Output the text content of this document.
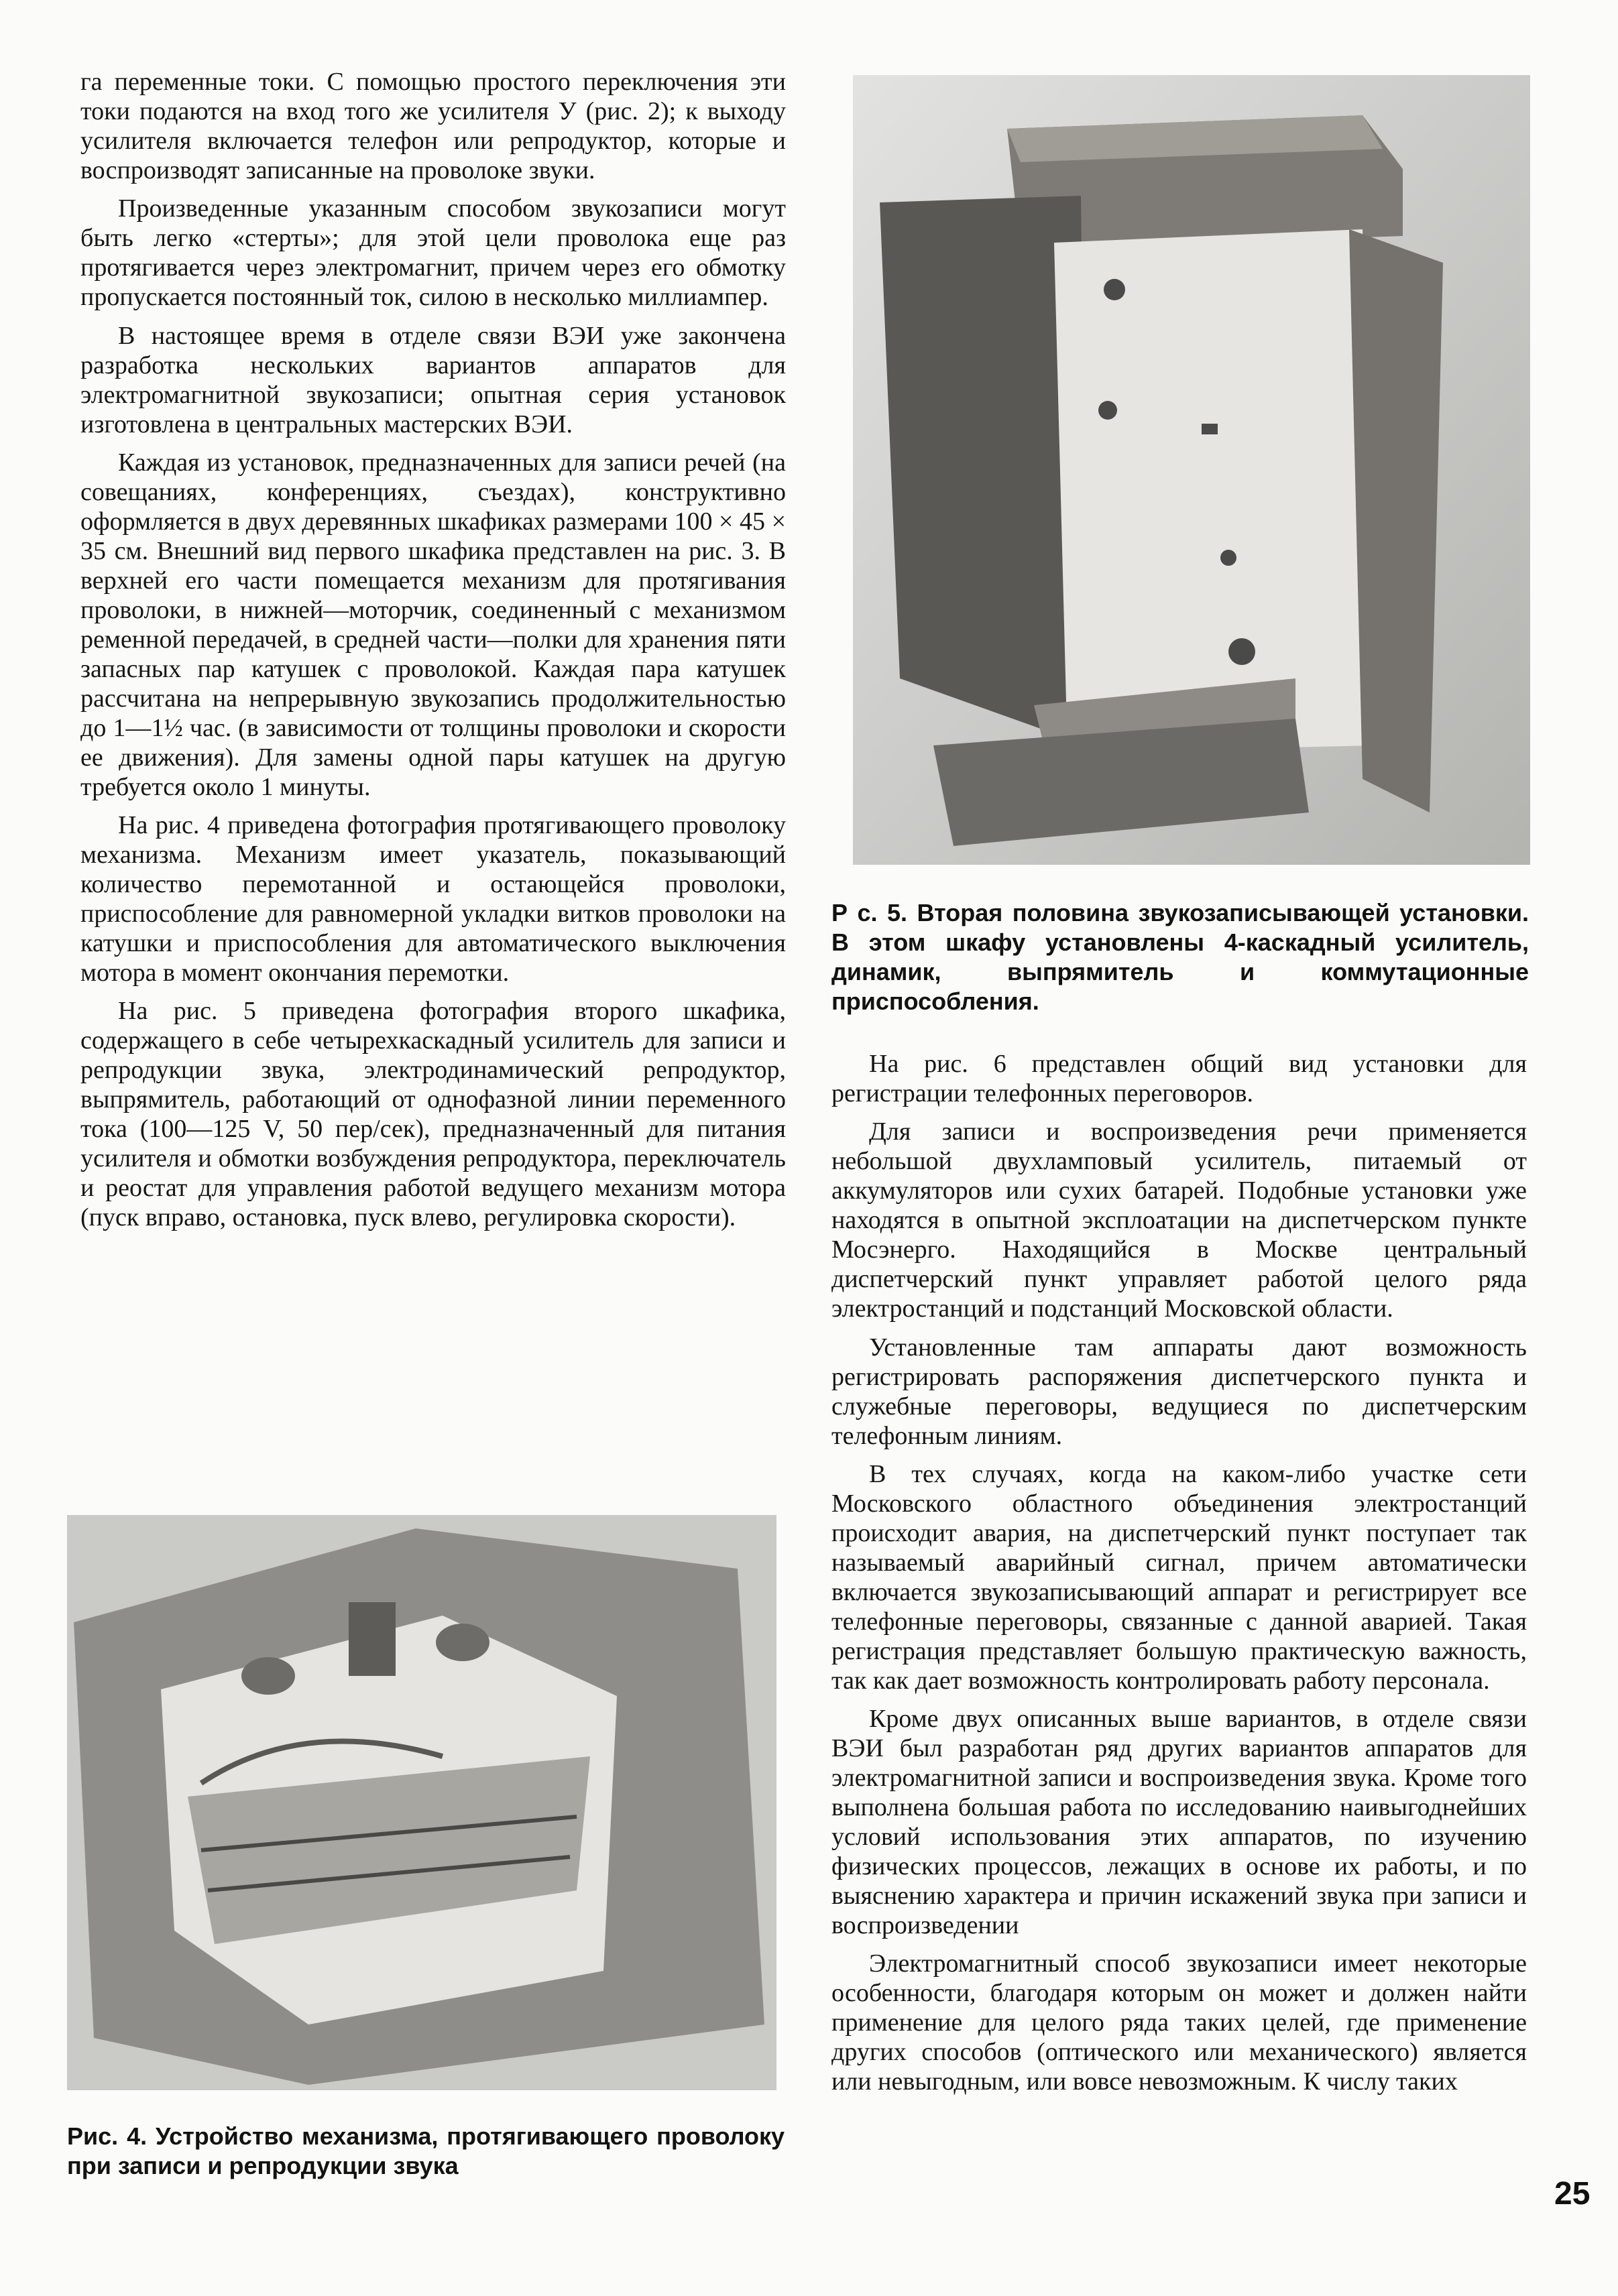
га переменные токи. С помощью простого переключения эти токи подаются на вход того же усилителя У (рис. 2); к выходу усилителя включается телефон или репродуктор, которые и воспроизводят записанные на проволоке звуки.

Произведенные указанным способом звукозаписи могут быть легко «стерты»; для этой цели проволока еще раз протягивается через электромагнит, причем через его обмотку пропускается постоянный ток, силою в несколько миллиампер.

В настоящее время в отделе связи ВЭИ уже закончена разработка нескольких вариантов аппаратов для электромагнитной звукозаписи; опытная серия установок изготовлена в центральных мастерских ВЭИ.

Каждая из установок, предназначенных для записи речей (на совещаниях, конференциях, съездах), конструктивно оформляется в двух деревянных шкафиках размерами 100 × 45 × 35 см. Внешний вид первого шкафика представлен на рис. 3. В верхней его части помещается механизм для протягивания проволоки, в нижней—моторчик, соединенный с механизмом ременной передачей, в средней части—полки для хранения пяти запасных пар катушек с проволокой. Каждая пара катушек рассчитана на непрерывную звукозапись продолжительностью до 1—1½ час. (в зависимости от толщины проволоки и скорости ее движения). Для замены одной пары катушек на другую требуется около 1 минуты.

На рис. 4 приведена фотография протягивающего проволоку механизма. Механизм имеет указатель, показывающий количество перемотанной и остающейся проволоки, приспособление для равномерной укладки витков проволоки на катушки и приспособления для автоматического выключения мотора в момент окончания перемотки.

На рис. 5 приведена фотография второго шкафика, содержащего в себе четырехкаскадный усилитель для записи и репродукции звука, электродинамический репродуктор, выпрямитель, работающий от однофазной линии переменного тока (100—125 V, 50 пер/сек), предназначенный для питания усилителя и обмотки возбуждения репродуктора, переключатель и реостат для управления работой ведущего механизм мотора (пуск вправо, остановка, пуск влево, регулировка скорости).

Р с. 5. Вторая половина звукозаписывающей установки. В этом шкафу установлены 4-каскадный усилитель, динамик, выпрямитель и коммутационные приспособления.

На рис. 6 представлен общий вид установки для регистрации телефонных переговоров.

Для записи и воспроизведения речи применяется небольшой двухламповый усилитель, питаемый от аккумуляторов или сухих батарей. Подобные установки уже находятся в опытной эксплоатации на диспетчерском пункте Мосэнерго. Находящийся в Москве центральный диспетчерский пункт управляет работой целого ряда электростанций и подстанций Московской области.

Установленные там аппараты дают возможность регистрировать распоряжения диспетчерского пункта и служебные переговоры, ведущиеся по диспетчерским телефонным линиям.

В тех случаях, когда на каком-либо участке сети Московского областного объединения электростанций происходит авария, на диспетчерский пункт поступает так называемый аварийный сигнал, причем автоматически включается звукозаписывающий аппарат и регистрирует все телефонные переговоры, связанные с данной аварией. Такая регистрация представляет большую практическую важность, так как дает возможность контролировать работу персонала.

Кроме двух описанных выше вариантов, в отделе связи ВЭИ был разработан ряд других вариантов аппаратов для электромагнитной записи и воспроизведения звука. Кроме того выполнена большая работа по исследованию наивыгоднейших условий использования этих аппаратов, по изучению физических процессов, лежащих в основе их работы, и по выяснению характера и причин искажений звука при записи и воспроизведении

Электромагнитный способ звукозаписи имеет некоторые особенности, благодаря которым он может и должен найти применение для целого ряда таких целей, где применение других способов (оптического или механического) является или невыгодным, или вовсе невозможным. К числу таких

Рис. 4. Устройство механизма, протягивающего проволоку при записи и репродукции звука

25
